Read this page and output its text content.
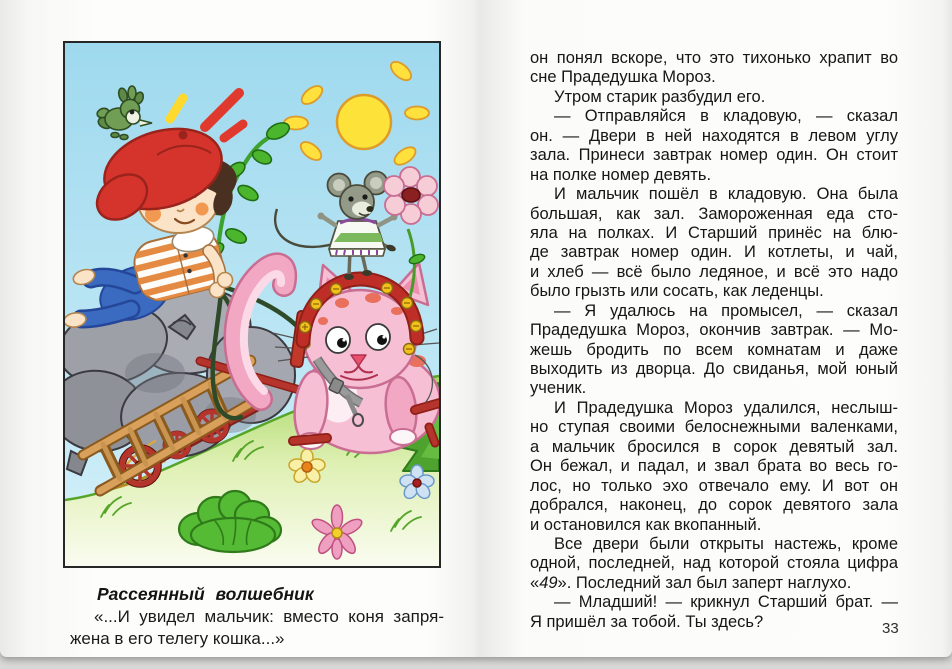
Рассеянный волшебник
«...И увидел мальчик: вместо коня запря-
жена в его телегу кошка...»
он понял вскоре, что это тихонько храпит во
сне Прадедушка Мороз.
Утром старик разбудил его.
— Отправляйся в кладовую, — сказал
он. — Двери в ней находятся в левом углу
зала. Принеси завтрак номер один. Он стоит
на полке номер девять.
И мальчик пошёл в кладовую. Она была
большая, как зал. Замороженная еда сто-
яла на полках. И Старший принёс на блю-
де завтрак номер один. И котлеты, и чай,
и хлеб — всё было ледяное, и всё это надо
было грызть или сосать, как леденцы.
— Я удалюсь на промысел, — сказал
Прадедушка Мороз, окончив завтрак. — Мо-
жешь бродить по всем комнатам и даже
выходить из дворца. До свиданья, мой юный
ученик.
И Прадедушка Мороз удалился, неслыш-
но ступая своими белоснежными валенками,
а мальчик бросился в сорок девятый зал.
Он бежал, и падал, и звал брата во весь го-
лос, но только эхо отвечало ему. И вот он
добрался, наконец, до сорок девятого зала
и остановился как вкопанный.
Все двери были открыты настежь, кроме
одной, последней, над которой стояла цифра
«49». Последний зал был заперт наглухо.
— Младший! — крикнул Старший брат. —
Я пришёл за тобой. Ты здесь?	33
